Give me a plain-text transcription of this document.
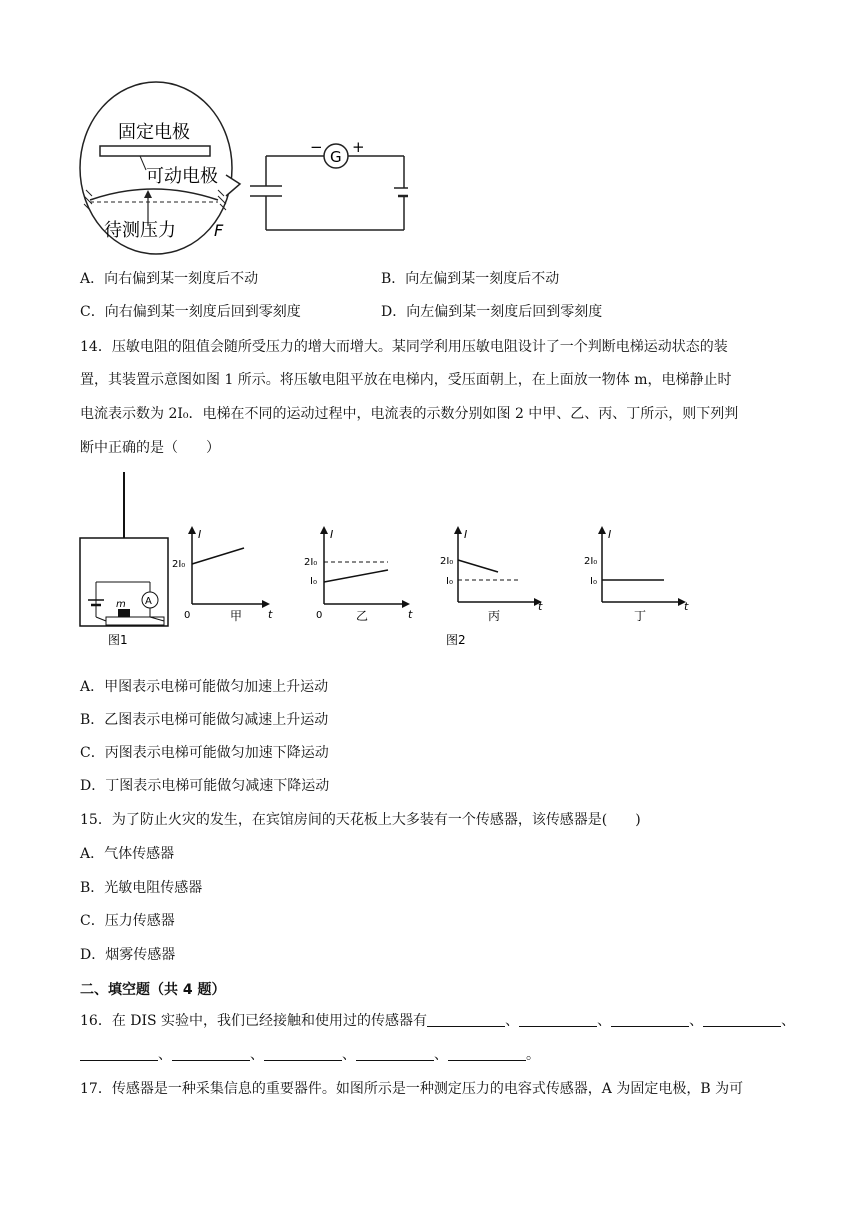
固定电极
可动电极
待测压力 F
G
− +
A．向右偏到某一刻度后不动	B．向左偏到某一刻度后不动
C．向右偏到某一刻度后回到零刻度	D．向左偏到某一刻度后回到零刻度
14．压敏电阻的阻值会随所受压力的增大而增大。某同学利用压敏电阻设计了一个判断电梯运动状态的装
置，其装置示意图如图 1 所示。将压敏电阻平放在电梯内，受压面朝上，在上面放一物体 m，电梯静止时
电流表示数为 2I₀．电梯在不同的运动过程中，电流表的示数分别如图 2 中甲、乙、丙、丁所示，则下列判
断中正确的是（　　）
A
m
图1
I
t
0
2I₀
甲
I
t
0
2I₀
I₀
乙
I
t
2I₀
I₀
丙
图2
I
t
2I₀
I₀
丁
A．甲图表示电梯可能做匀加速上升运动
B．乙图表示电梯可能做匀减速上升运动
C．丙图表示电梯可能做匀加速下降运动
D．丁图表示电梯可能做匀减速下降运动
15．为了防止火灾的发生，在宾馆房间的天花板上大多装有一个传感器，该传感器是(　　)
A．气体传感器
B．光敏电阻传感器
C．压力传感器
D．烟雾传感器
二、填空题（共 4 题）
16．在 DIS 实验中，我们已经接触和使用过的传感器有	、	、	、	、
、	、	、	、	。
17．传感器是一种采集信息的重要器件。如图所示是一种测定压力的电容式传感器，A 为固定电极，B 为可
